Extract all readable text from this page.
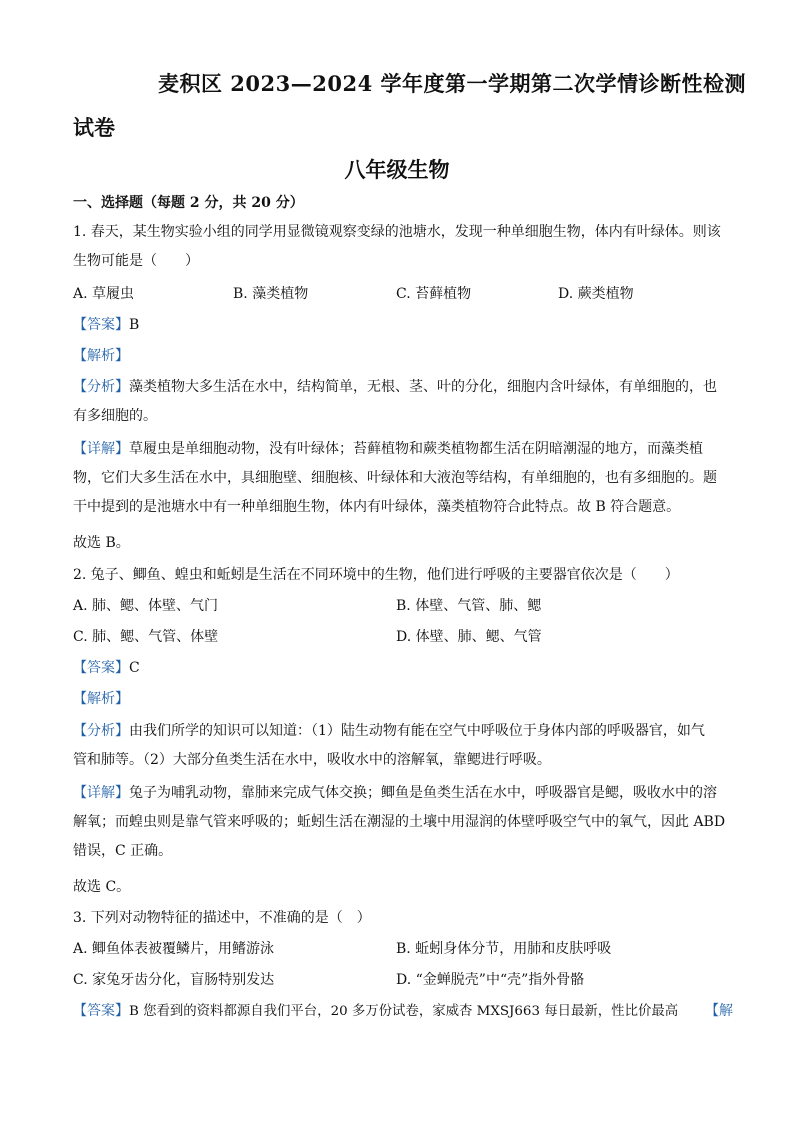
麦积区 2023—2024 学年度第一学期第二次学情诊断性检测
试卷
八年级生物
一、选择题（每题 2 分，共 20 分）
1. 春天，某生物实验小组的同学用显微镜观察变绿的池塘水，发现一种单细胞生物，体内有叶绿体。则该
生物可能是（　　）
A. 草履虫	B. 藻类植物	C. 苔藓植物	D. 蕨类植物
【答案】B
【解析】
【分析】藻类植物大多生活在水中，结构简单，无根、茎、叶的分化，细胞内含叶绿体，有单细胞的，也
有多细胞的。
【详解】草履虫是单细胞动物，没有叶绿体；苔藓植物和蕨类植物都生活在阴暗潮湿的地方，而藻类植
物，它们大多生活在水中，具细胞壁、细胞核、叶绿体和大液泡等结构，有单细胞的，也有多细胞的。题
干中提到的是池塘水中有一种单细胞生物，体内有叶绿体，藻类植物符合此特点。故 B 符合题意。
故选 B。
2. 兔子、鲫鱼、蝗虫和蚯蚓是生活在不同环境中的生物，他们进行呼吸的主要器官依次是（　　）
A. 肺、鳃、体壁、气门	B. 体壁、气管、肺、鳃
C. 肺、鳃、气管、体壁	D. 体壁、肺、鳃、气管
【答案】C
【解析】
【分析】由我们所学的知识可以知道：（1）陆生动物有能在空气中呼吸位于身体内部的呼吸器官，如气
管和肺等。（2）大部分鱼类生活在水中，吸收水中的溶解氧，靠鳃进行呼吸。
【详解】兔子为哺乳动物，靠肺来完成气体交换；鲫鱼是鱼类生活在水中，呼吸器官是鳃，吸收水中的溶
解氧；而蝗虫则是靠气管来呼吸的；蚯蚓生活在潮湿的土壤中用湿润的体壁呼吸空气中的氧气，因此 ABD
错误，C 正确。
故选 C。
3. 下列对动物特征的描述中，不准确的是（　）
A. 鲫鱼体表被覆鳞片，用鳍游泳	B. 蚯蚓身体分节，用肺和皮肤呼吸
C. 家兔牙齿分化，盲肠特别发达	D. “金蝉脱壳”中“壳”指外骨骼
【答案】B 您看到的资料都源自我们平台，20 多万份试卷，家威杏 MXSJ663 每日最新，性比价最高 【解
